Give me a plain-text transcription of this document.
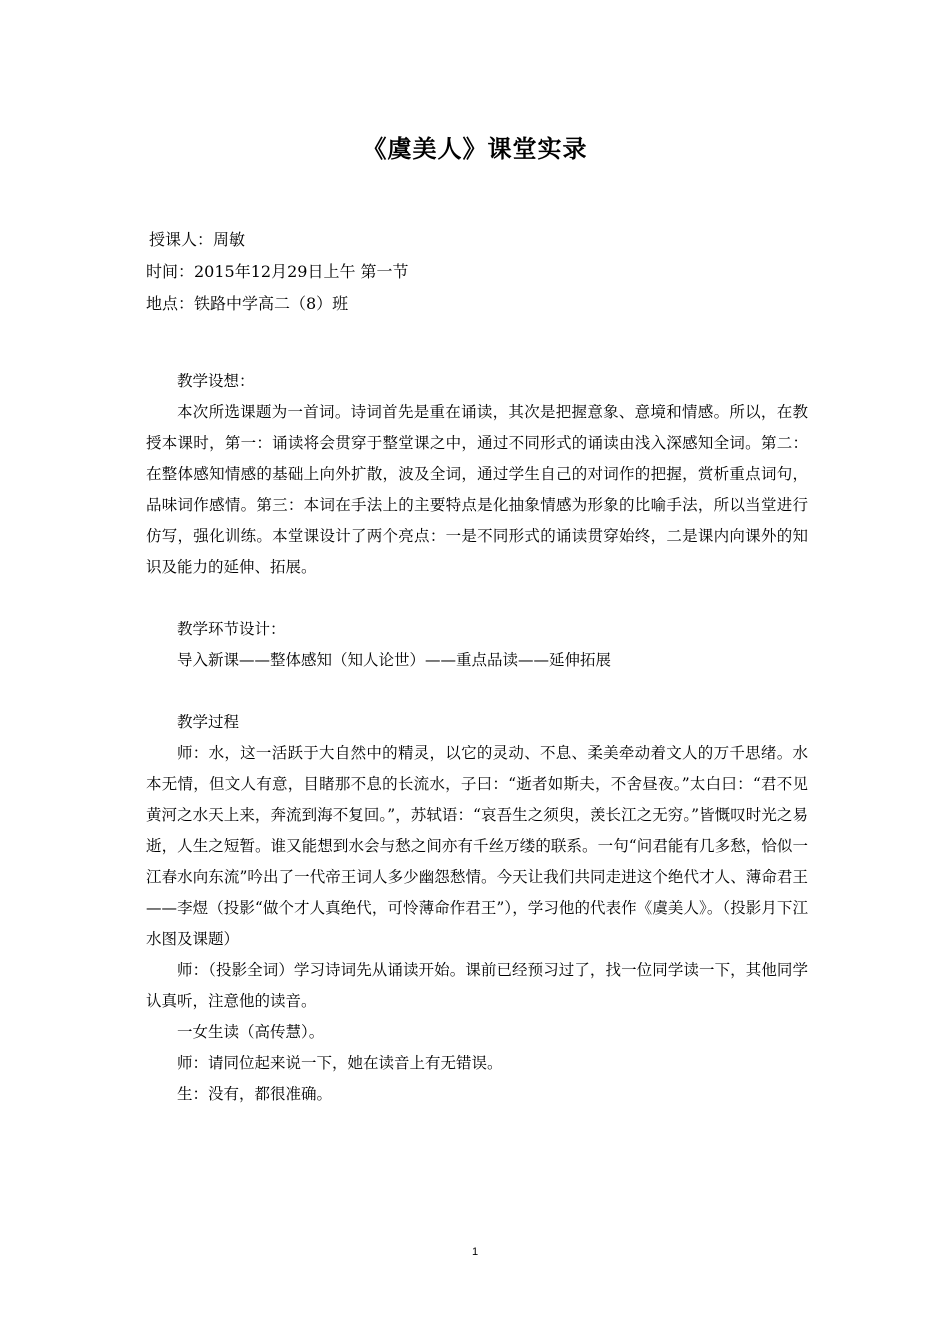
《虞美人》课堂实录
授课人：周敏
时间：2015年12月29日上午 第一节
地点：铁路中学高二（8）班

教学设想：

本次所选课题为一首词。诗词首先是重在诵读，其次是把握意象、意境和情感。所以，在教授本课时，第一：诵读将会贯穿于整堂课之中，通过不同形式的诵读由浅入深感知全词。第二：在整体感知情感的基础上向外扩散，波及全词，通过学生自己的对词作的把握，赏析重点词句，品味词作感情。第三：本词在手法上的主要特点是化抽象情感为形象的比喻手法，所以当堂进行仿写，强化训练。本堂课设计了两个亮点：一是不同形式的诵读贯穿始终，二是课内向课外的知识及能力的延伸、拓展。

教学环节设计：

导入新课——整体感知（知人论世）——重点品读——延伸拓展

教学过程

师：水，这一活跃于大自然中的精灵，以它的灵动、不息、柔美牵动着文人的万千思绪。水本无情，但文人有意，目睹那不息的长流水，子曰：“逝者如斯夫，不舍昼夜。”太白曰：“君不见黄河之水天上来，奔流到海不复回。”，苏轼语：“哀吾生之须臾，羡长江之无穷。”皆慨叹时光之易逝，人生之短暂。谁又能想到水会与愁之间亦有千丝万缕的联系。一句“问君能有几多愁，恰似一江春水向东流”吟出了一代帝王词人多少幽怨愁情。今天让我们共同走进这个绝代才人、薄命君王——李煜（投影“做个才人真绝代，可怜薄命作君王”），学习他的代表作《虞美人》。（投影月下江水图及课题）

师：（投影全词）学习诗词先从诵读开始。课前已经预习过了，找一位同学读一下，其他同学认真听，注意他的读音。

一女生读（高传慧）。

师：请同位起来说一下，她在读音上有无错误。

生：没有，都很准确。

1
